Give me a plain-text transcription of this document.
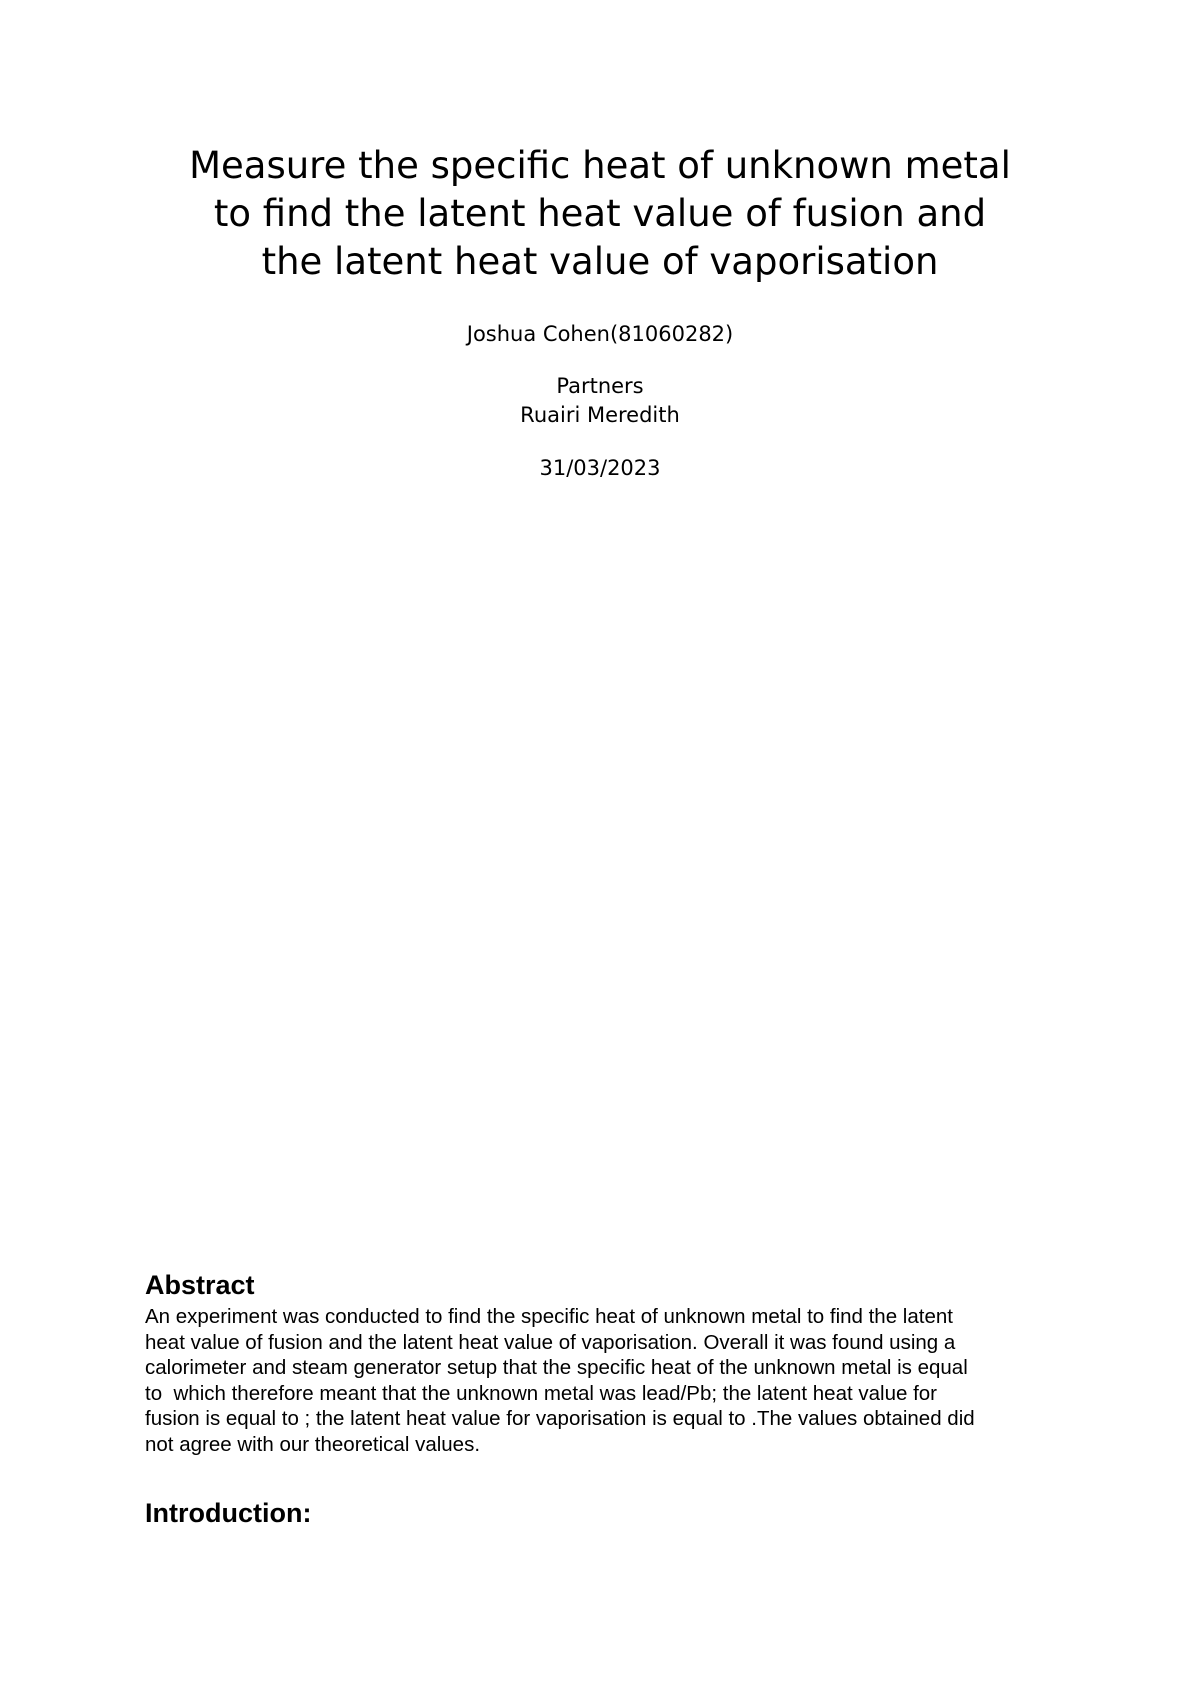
Measure the specific heat of unknown metal
to find the latent heat value of fusion and
the latent heat value of vaporisation
Joshua Cohen(81060282)
Partners
Ruairi Meredith
31/03/2023
Abstract
An experiment was conducted to find the specific heat of unknown metal to find the latent
heat value of fusion and the latent heat value of vaporisation. Overall it was found using a
calorimeter and steam generator setup that the specific heat of the unknown metal is equal
to  which therefore meant that the unknown metal was lead/Pb; the latent heat value for
fusion is equal to ; the latent heat value for vaporisation is equal to .The values obtained did
not agree with our theoretical values.
Introduction:
